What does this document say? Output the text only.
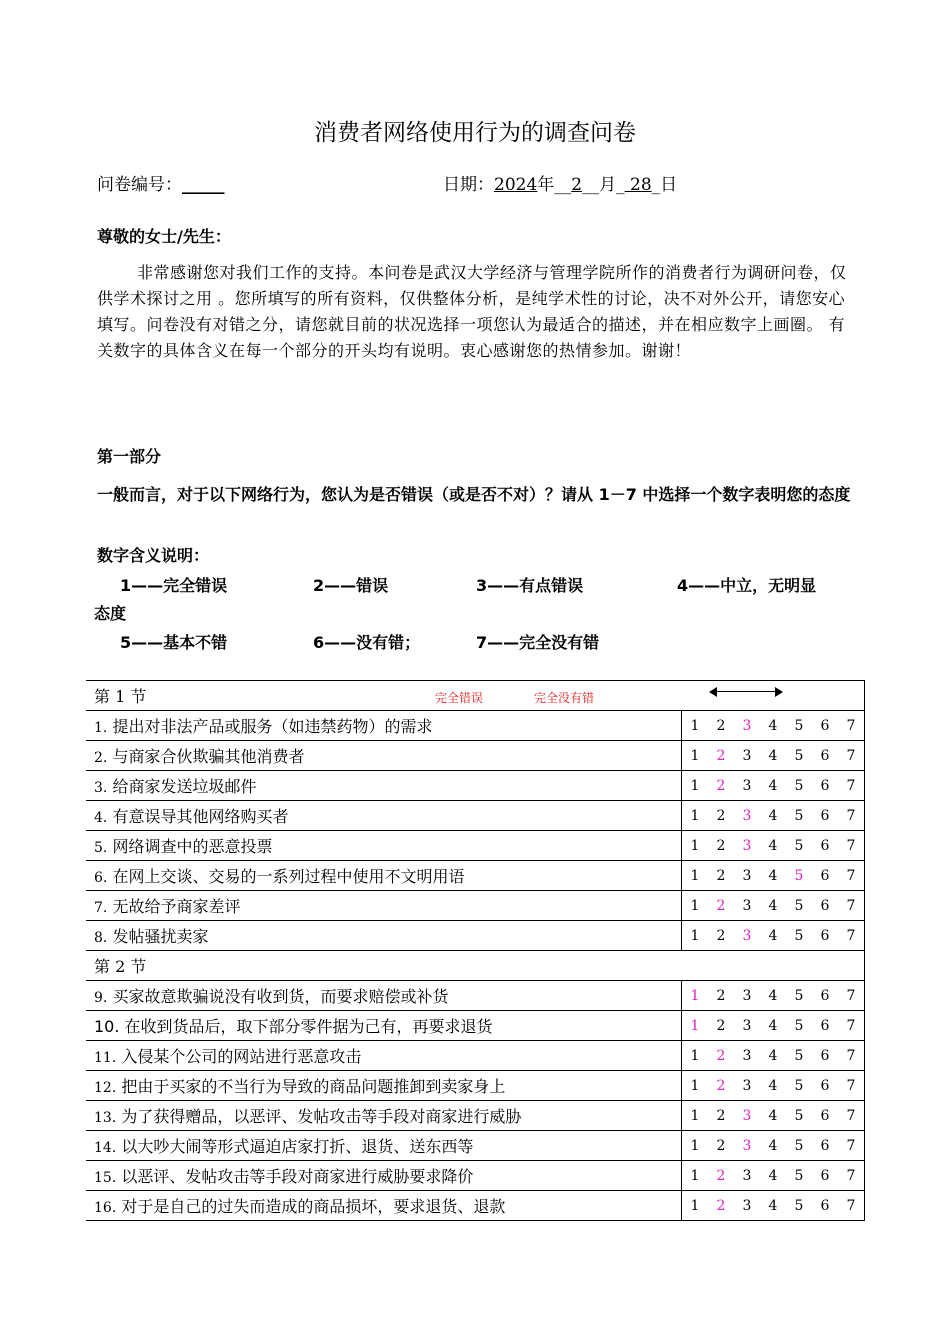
消费者网络使用行为的调查问卷
问卷编号：_____	日期：2024年__2__月_ 28_日
尊敬的女士/先生：
非常感谢您对我们工作的支持。本问卷是武汉大学经济与管理学院所作的消费者行为调研问卷，仅供学术探讨之用 。您所填写的所有资料，仅供整体分析，是纯学术性的讨论，决不对外公开，请您安心填写。问卷没有对错之分，请您就目前的状况选择一项您认为最适合的描述，并在相应数字上画圈。 有关数字的具体含义在每一个部分的开头均有说明。衷心感谢您的热情参加。谢谢！
第一部分
一般而言，对于以下网络行为，您认为是否错误（或是否不对）？请从 1－7 中选择一个数字表明您的态度
数字含义说明：
1——完全错误	2——错误	3——有点错误	4——中立，无明显
态度
5——基本不错	6——没有错；	7——完全没有错
第 1 节 完全错误 完全没有错							

1. 提出对非法产品或服务（如违禁药物）的需求	1	2	3	4	5	6	7
2. 与商家合伙欺骗其他消费者	1	2	3	4	5	6	7
3. 给商家发送垃圾邮件	1	2	3	4	5	6	7
4. 有意误导其他网络购买者	1	2	3	4	5	6	7
5. 网络调查中的恶意投票	1	2	3	4	5	6	7
6. 在网上交谈、交易的一系列过程中使用不文明用语	1	2	3	4	5	6	7
7. 无故给予商家差评	1	2	3	4	5	6	7
8. 发帖骚扰卖家	1	2	3	4	5	6	7
第 2 节							
9. 买家故意欺骗说没有收到货，而要求赔偿或补货	1	2	3	4	5	6	7
10. 在收到货品后，取下部分零件据为己有，再要求退货	1	2	3	4	5	6	7
11. 入侵某个公司的网站进行恶意攻击	1	2	3	4	5	6	7
12. 把由于买家的不当行为导致的商品问题推卸到卖家身上	1	2	3	4	5	6	7
13. 为了获得赠品，以恶评、发帖攻击等手段对商家进行威胁	1	2	3	4	5	6	7
14. 以大吵大闹等形式逼迫店家打折、退货、送东西等	1	2	3	4	5	6	7
15. 以恶评、发帖攻击等手段对商家进行威胁要求降价	1	2	3	4	5	6	7
16. 对于是自己的过失而造成的商品损坏，要求退货、退款	1	2	3	4	5	6	7
